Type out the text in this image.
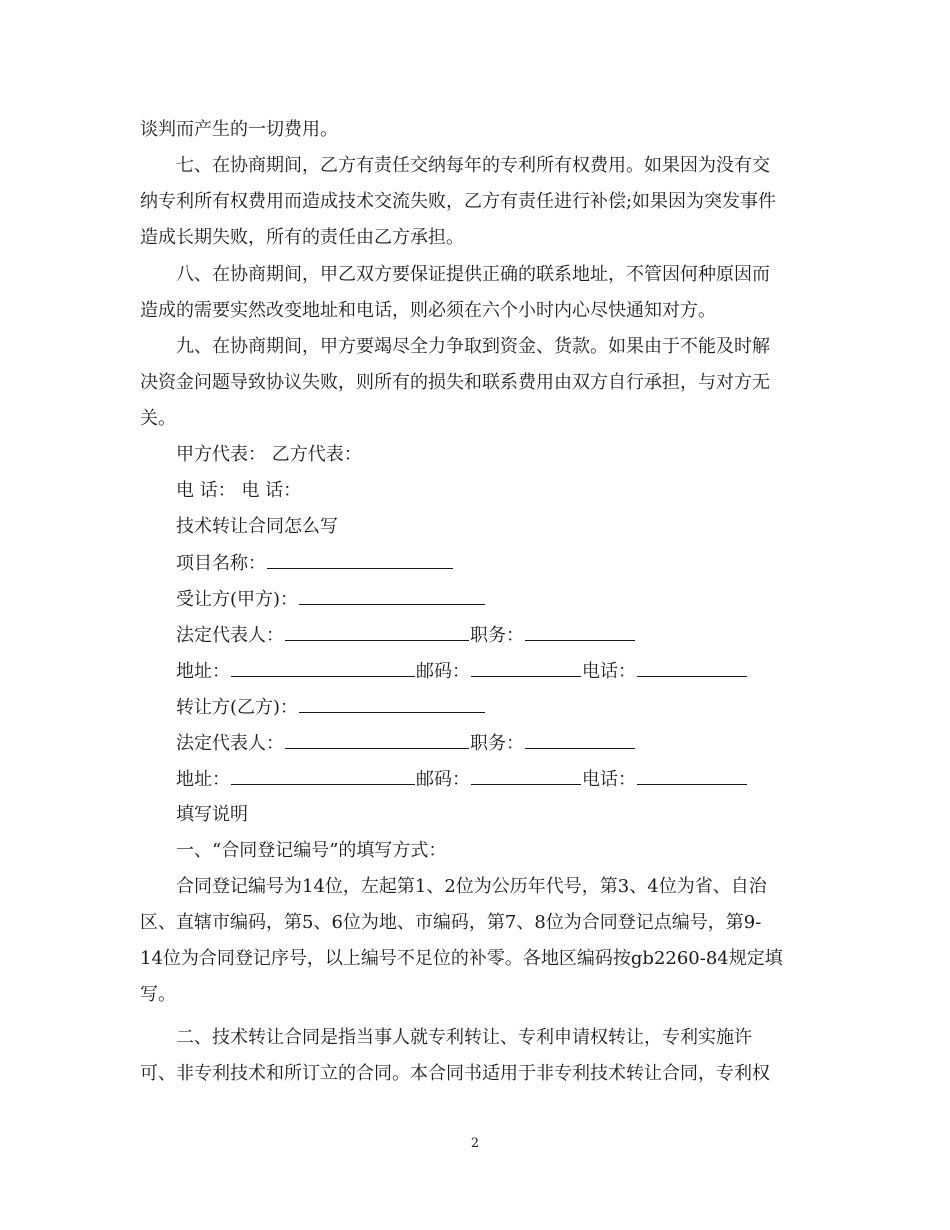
谈判而产生的一切费用。
七、在协商期间，乙方有责任交纳每年的专利所有权费用。如果因为没有交
纳专利所有权费用而造成技术交流失败，乙方有责任进行补偿;如果因为突发事件
造成长期失败，所有的责任由乙方承担。
八、在协商期间，甲乙双方要保证提供正确的联系地址，不管因何种原因而
造成的需要实然改变地址和电话，则必须在六个小时内心尽快通知对方。
九、在协商期间，甲方要竭尽全力争取到资金、货款。如果由于不能及时解
决资金问题导致协议失败，则所有的损失和联系费用由双方自行承担，与对方无
关。
甲方代表： 乙方代表：
电 话： 电 话：
技术转让合同怎么写
项目名称：
受让方(甲方)：
法定代表人：	职务：
地址：	邮码：	电话：
转让方(乙方)：
法定代表人：	职务：
地址：	邮码：	电话：
填写说明
一、“合同登记编号”的填写方式：
合同登记编号为14位，左起第1、2位为公历年代号，第3、4位为省、自治
区、直辖市编码，第5、6位为地、市编码，第7、8位为合同登记点编号，第9-
14位为合同登记序号，以上编号不足位的补零。各地区编码按gb2260-84规定填
写。
二、技术转让合同是指当事人就专利转让、专利申请权转让，专利实施许
可、非专利技术和所订立的合同。本合同书适用于非专利技术转让合同，专利权
2
